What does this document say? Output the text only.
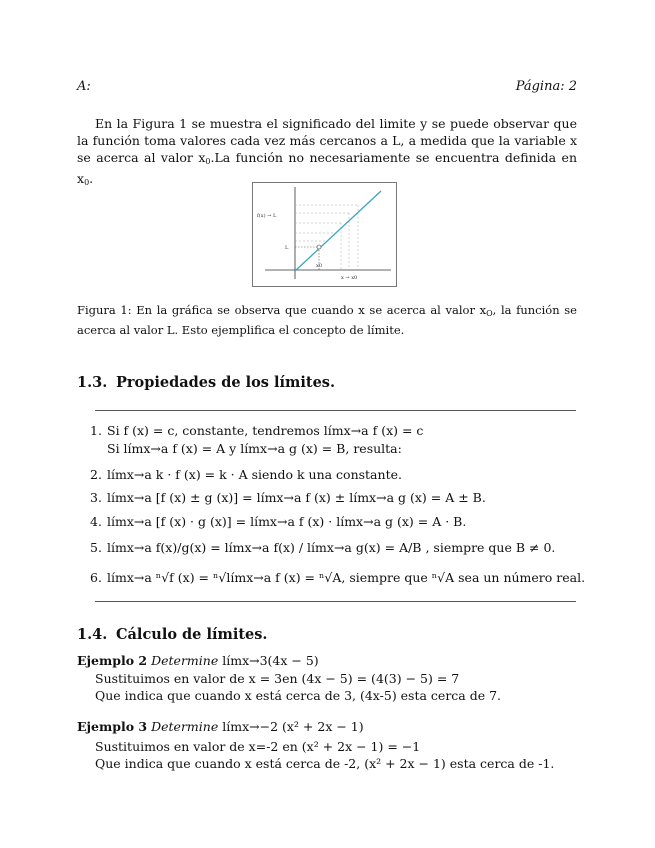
A:	Página: 2
En la Figura 1 se muestra el significado del limite y se puede observar que la función toma valores cada vez más cercanos a L, a medida que la variable x se acerca al valor $x_0.La$ función no necesariamente se encuentra definida en $x_0$.
f(x) → L
L
x0
x → x0
Figura 1: En la gráfica se observa que cuando x se acerca al valor $x_O$, la función se acerca al valor L. Esto ejemplifica el concepto de límite.
1.3. Propiedades de los límites.
1. Si f (x) = c, constante, tendremos límx→a f (x) = c
Si límx→a f (x) = A y límx→a g (x) = B, resulta:
2. límx→a k · f (x) = k · A siendo k una constante.
3. límx→a [f (x) ± g (x)] = límx→a f (x) ± límx→a g (x) = A ± B.
4. límx→a [f (x) · g (x)] = límx→a f (x) · límx→a g (x) = A · B.
5. límx→a f(x)/g(x) = límx→a f(x) / límx→a g(x) = A/B , siempre que B ≠ 0.
6. límx→a ⁿ√f (x) = ⁿ√límx→a f (x) = ⁿ√A, siempre que ⁿ√A sea un número real.
1.4. Cálculo de límites.
Ejemplo 2 Determine límx→3(4x − 5)
Sustituimos en valor de x = 3en (4x − 5) = (4(3) − 5) = 7
Que indica que cuando x está cerca de 3, (4x-5) esta cerca de 7.
Ejemplo 3 Determine límx→−2 (x² + 2x − 1)
Sustituimos en valor de x=-2 en (x² + 2x − 1) = −1
Que indica que cuando x está cerca de -2, (x² + 2x − 1) esta cerca de -1.
